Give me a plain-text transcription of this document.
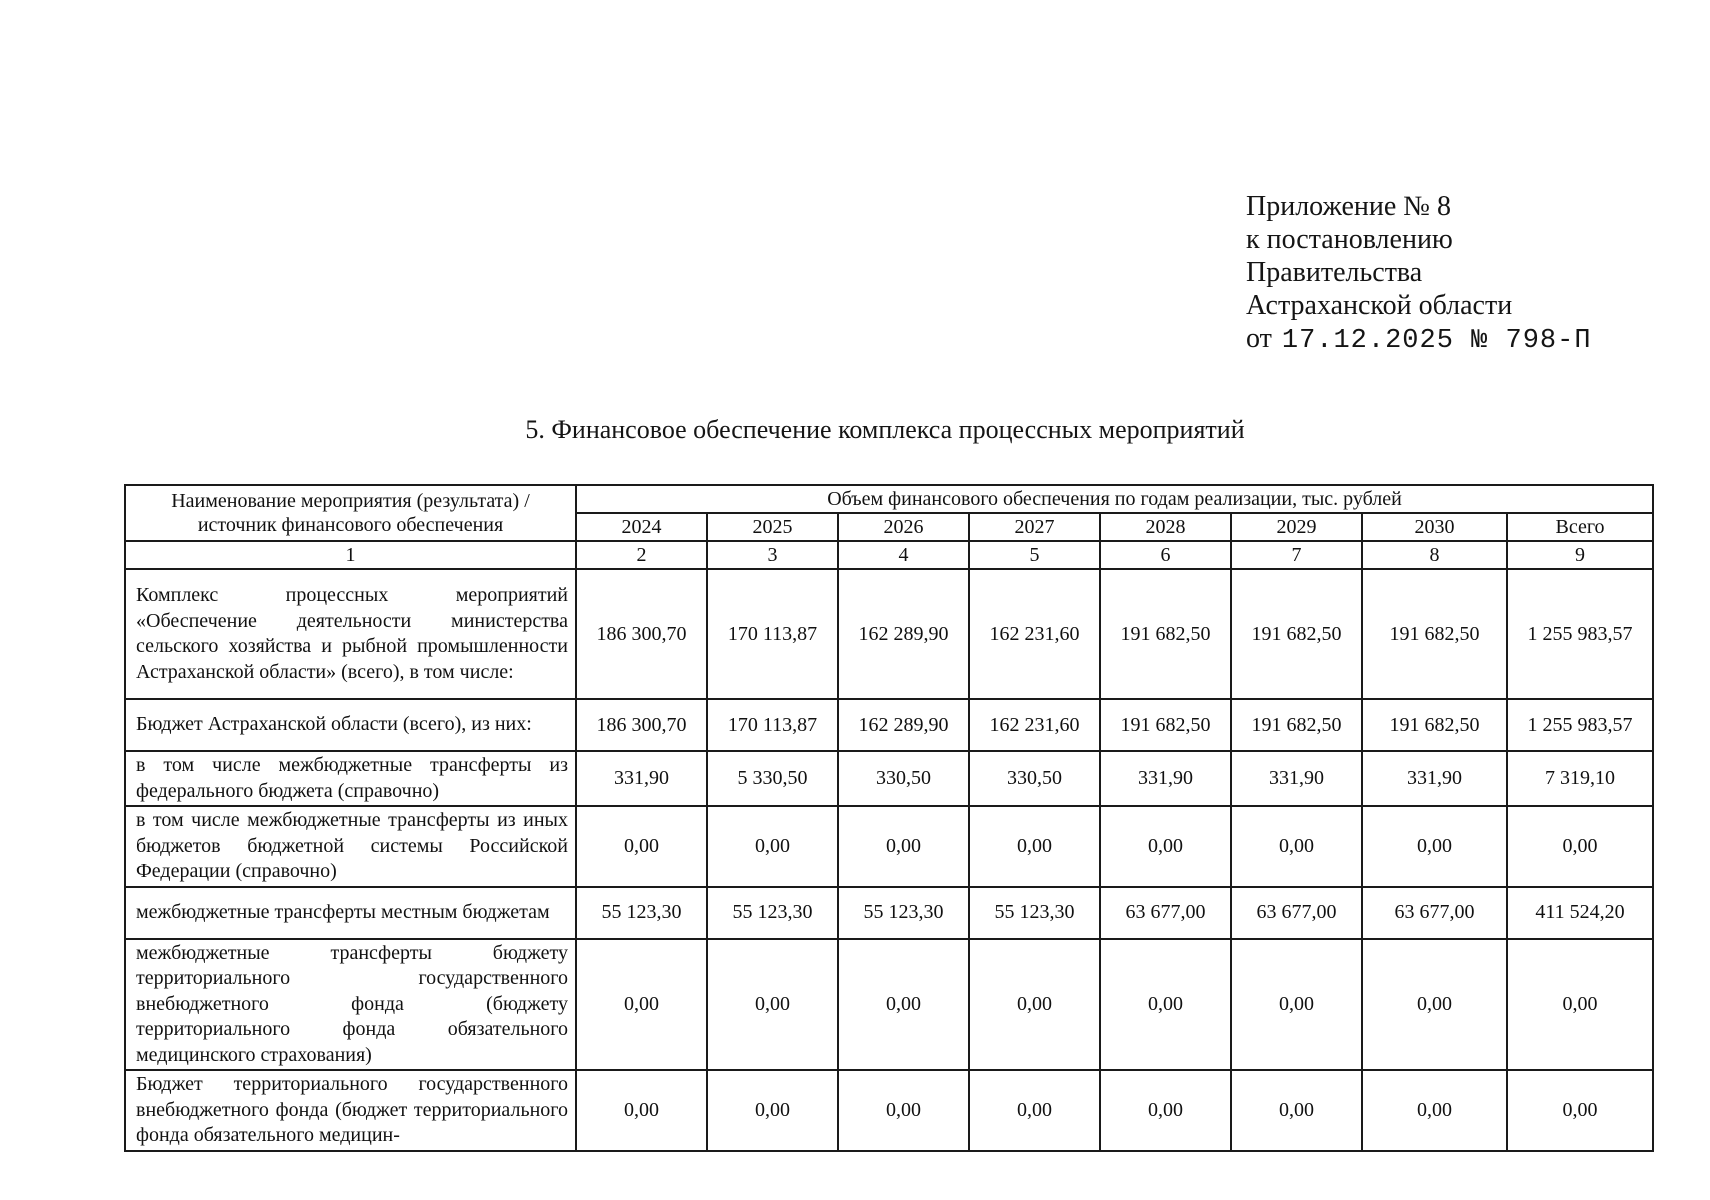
Приложение № 8
к постановлению
Правительства
Астраханской области
от 17.12.2025 № 798-П
5. Финансовое обеспечение комплекса процессных мероприятий
Наименование мероприятия (результата) / источник финансового обеспечения	Объем финансового обеспечения по годам реализации, тыс. рублей							
	2024	2025	2026	2027	2028	2029	2030	Всего
1	2	3	4	5	6	7	8	9
Комплекс процессных мероприятий «Обеспечение деятельности министерства сельского хозяйства и рыбной промышленности Астраханской области» (всего), в том числе:	186 300,70	170 113,87	162 289,90	162 231,60	191 682,50	191 682,50	191 682,50	1 255 983,57
Бюджет Астраханской области (всего), из них:	186 300,70	170 113,87	162 289,90	162 231,60	191 682,50	191 682,50	191 682,50	1 255 983,57
в том числе межбюджетные трансферты из федерального бюджета (справочно)	331,90	5 330,50	330,50	330,50	331,90	331,90	331,90	7 319,10
в том числе межбюджетные трансферты из иных бюджетов бюджетной системы Российской Федерации (справочно)	0,00	0,00	0,00	0,00	0,00	0,00	0,00	0,00
межбюджетные трансферты местным бюджетам	55 123,30	55 123,30	55 123,30	55 123,30	63 677,00	63 677,00	63 677,00	411 524,20
межбюджетные трансферты бюджету территориального государственного внебюджетного фонда (бюджету территориального фонда обязательного медицинского страхования)	0,00	0,00	0,00	0,00	0,00	0,00	0,00	0,00
Бюджет территориального государственного внебюджетного фонда (бюджет территориального фонда обязательного медицин-	0,00	0,00	0,00	0,00	0,00	0,00	0,00	0,00
